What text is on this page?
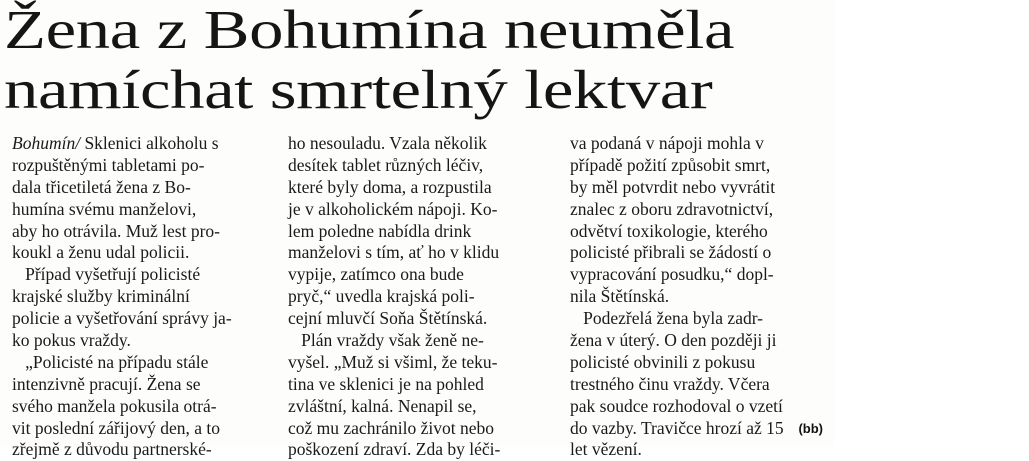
Žena z Bohumína neuměla
namíchat smrtelný lektvar
Bohumín/ Sklenici alkoholu s
rozpuštěnými tabletami po-
dala třicetiletá žena z Bo-
humína svému manželovi,
aby ho otrávila. Muž lest pro-
koukl a ženu udal policii.
Případ vyšetřují policisté
krajské služby kriminální
policie a vyšetřování správy ja-
ko pokus vraždy.
„Policisté na případu stále
intenzivně pracují. Žena se
svého manžela pokusila otrá-
vit poslední zářijový den, a to
zřejmě z důvodu partnerské-
ho nesouladu. Vzala několik
desítek tablet různých léčiv,
které byly doma, a rozpustila
je v alkoholickém nápoji. Ko-
lem poledne nabídla drink
manželovi s tím, ať ho v klidu
vypije, zatímco ona bude
pryč,“ uvedla krajská poli-
cejní mluvčí Soňa Štětínská.
Plán vraždy však ženě ne-
vyšel. „Muž si všiml, že teku-
tina ve sklenici je na pohled
zvláštní, kalná. Nenapil se,
což mu zachránilo život nebo
poškození zdraví. Zda by léči-
va podaná v nápoji mohla v
případě požití způsobit smrt,
by měl potvrdit nebo vyvrátit
znalec z oboru zdravotnictví,
odvětví toxikologie, kterého
policisté přibrali se žádostí o
vypracování posudku,“ dopl-
nila Štětínská.
Podezřelá žena byla zadr-
žena v úterý. O den později ji
policisté obvinili z pokusu
trestného činu vraždy. Včera
pak soudce rozhodoval o vzetí
do vazby. Travičce hrozí až 15
let vězení.
(bb)
